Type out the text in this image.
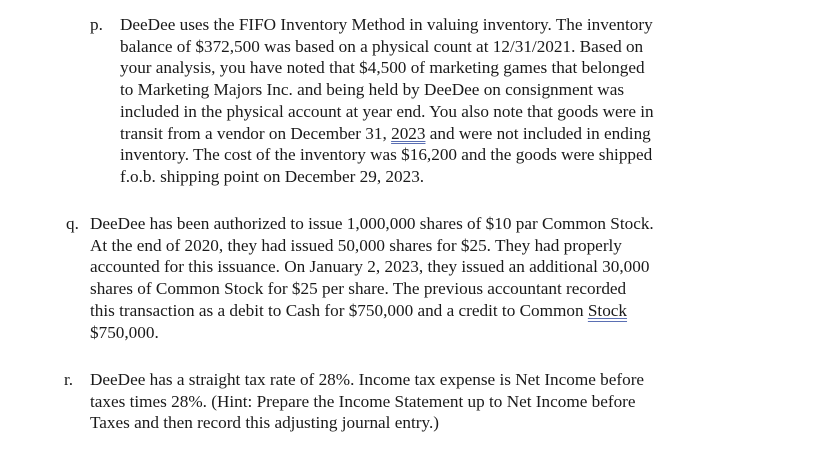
p. DeeDee uses the FIFO Inventory Method in valuing inventory. The inventory
balance of $372,500 was based on a physical count at 12/31/2021. Based on
your analysis, you have noted that $4,500 of marketing games that belonged
to Marketing Majors Inc. and being held by DeeDee on consignment was
included in the physical account at year end. You also note that goods were in
transit from a vendor on December 31, 2023 and were not included in ending
inventory. The cost of the inventory was $16,200 and the goods were shipped
f.o.b. shipping point on December 29, 2023.
q. DeeDee has been authorized to issue 1,000,000 shares of $10 par Common Stock.
At the end of 2020, they had issued 50,000 shares for $25. They had properly
accounted for this issuance. On January 2, 2023, they issued an additional 30,000
shares of Common Stock for $25 per share. The previous accountant recorded
this transaction as a debit to Cash for $750,000 and a credit to Common Stock
$750,000.
r. DeeDee has a straight tax rate of 28%. Income tax expense is Net Income before
taxes times 28%. (Hint: Prepare the Income Statement up to Net Income before
Taxes and then record this adjusting journal entry.)
